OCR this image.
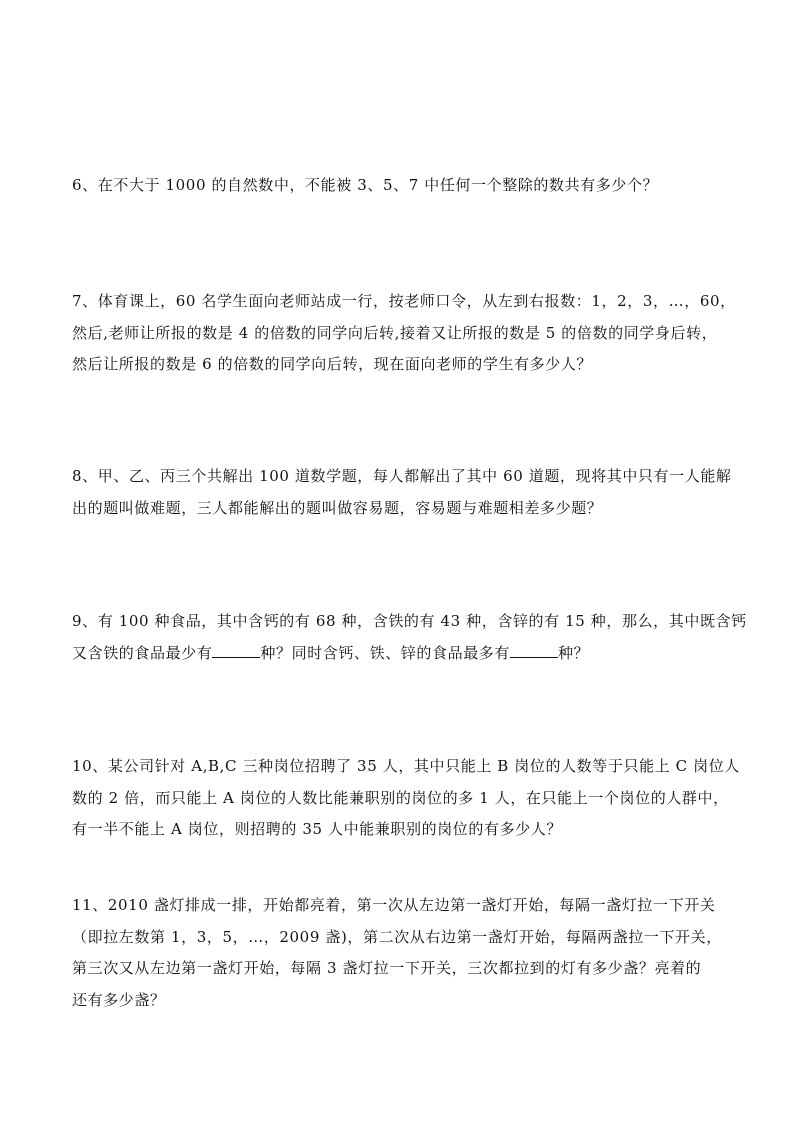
6、在不大于 1000 的自然数中，不能被 3、5、7 中任何一个整除的数共有多少个？

7、体育课上，60 名学生面向老师站成一行，按老师口令，从左到右报数：1，2，3，…，60，

然后,老师让所报的数是 4 的倍数的同学向后转,接着又让所报的数是 5 的倍数的同学身后转，

然后让所报的数是 6 的倍数的同学向后转，现在面向老师的学生有多少人？

8、甲、乙、丙三个共解出 100 道数学题，每人都解出了其中 60 道题，现将其中只有一人能解

出的题叫做难题，三人都能解出的题叫做容易题，容易题与难题相差多少题？

9、有 100 种食品，其中含钙的有 68 种，含铁的有 43 种，含锌的有 15 种，那么，其中既含钙

又含铁的食品最少有	种？同时含钙、铁、锌的食品最多有	种？

10、某公司针对 A,B,C 三种岗位招聘了 35 人，其中只能上 B 岗位的人数等于只能上 C 岗位人

数的 2 倍，而只能上 A 岗位的人数比能兼职别的岗位的多 1 人，在只能上一个岗位的人群中，

有一半不能上 A 岗位，则招聘的 35 人中能兼职别的岗位的有多少人？

11、2010 盏灯排成一排，开始都亮着，第一次从左边第一盏灯开始，每隔一盏灯拉一下开关

（即拉左数第 1，3，5，…，2009 盏)，第二次从右边第一盏灯开始，每隔两盏拉一下开关，

第三次又从左边第一盏灯开始，每隔 3 盏灯拉一下开关，三次都拉到的灯有多少盏？亮着的

还有多少盏？
